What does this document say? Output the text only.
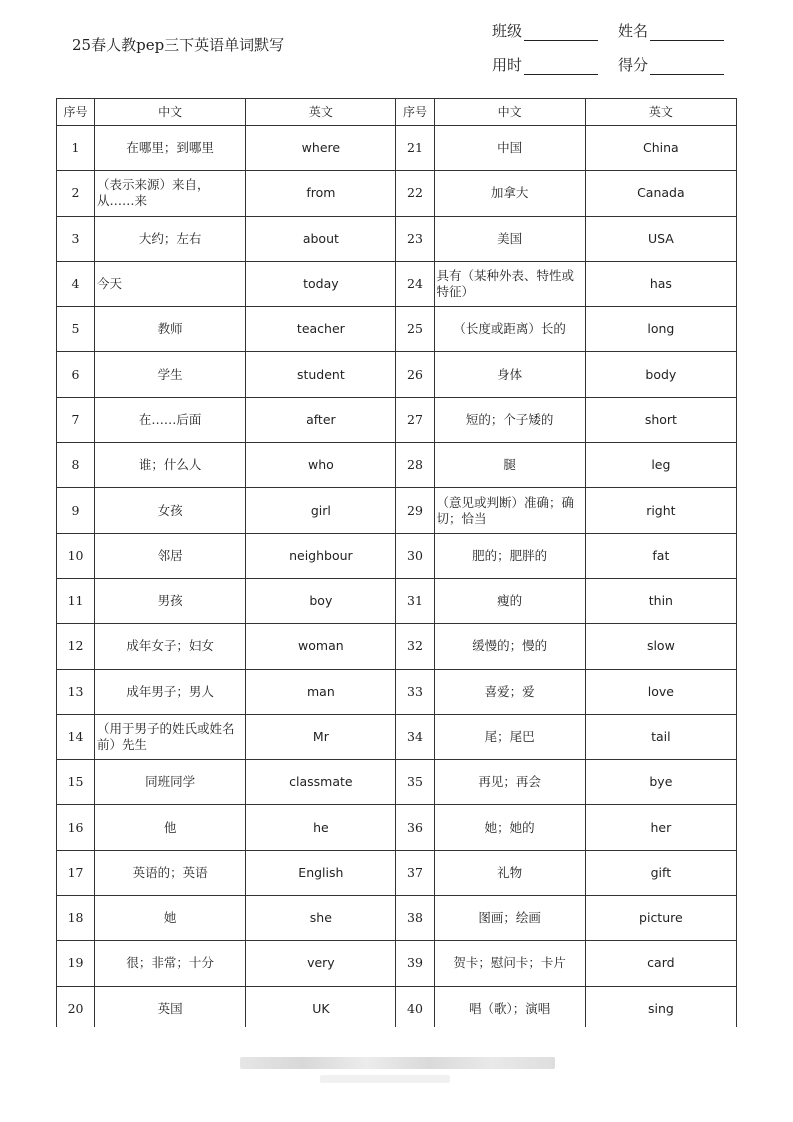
25春人教pep三下英语单词默写
班级	姓名
用时	得分
序号	中文	英文	序号	中文	英文
1	在哪里；到哪里	where	21	中国	China
2	（表示来源）来自，从……来	from	22	加拿大	Canada
3	大约；左右	about	23	美国	USA
4	今天	today	24	具有（某种外表、特性或特征）	has
5	教师	teacher	25	（长度或距离）长的	long
6	学生	student	26	身体	body
7	在……后面	after	27	短的；个子矮的	short
8	谁；什么人	who	28	腿	leg
9	女孩	girl	29	（意见或判断）准确；确切；恰当	right
10	邻居	neighbour	30	肥的；肥胖的	fat
11	男孩	boy	31	瘦的	thin
12	成年女子；妇女	woman	32	缓慢的；慢的	slow
13	成年男子；男人	man	33	喜爱；爱	love
14	（用于男子的姓氏或姓名前）先生	Mr	34	尾；尾巴	tail
15	同班同学	classmate	35	再见；再会	bye
16	他	he	36	她；她的	her
17	英语的；英语	English	37	礼物	gift
18	她	she	38	图画；绘画	picture
19	很；非常；十分	very	39	贺卡；慰问卡；卡片	card
20	英国	UK	40	唱（歌）；演唱	sing
